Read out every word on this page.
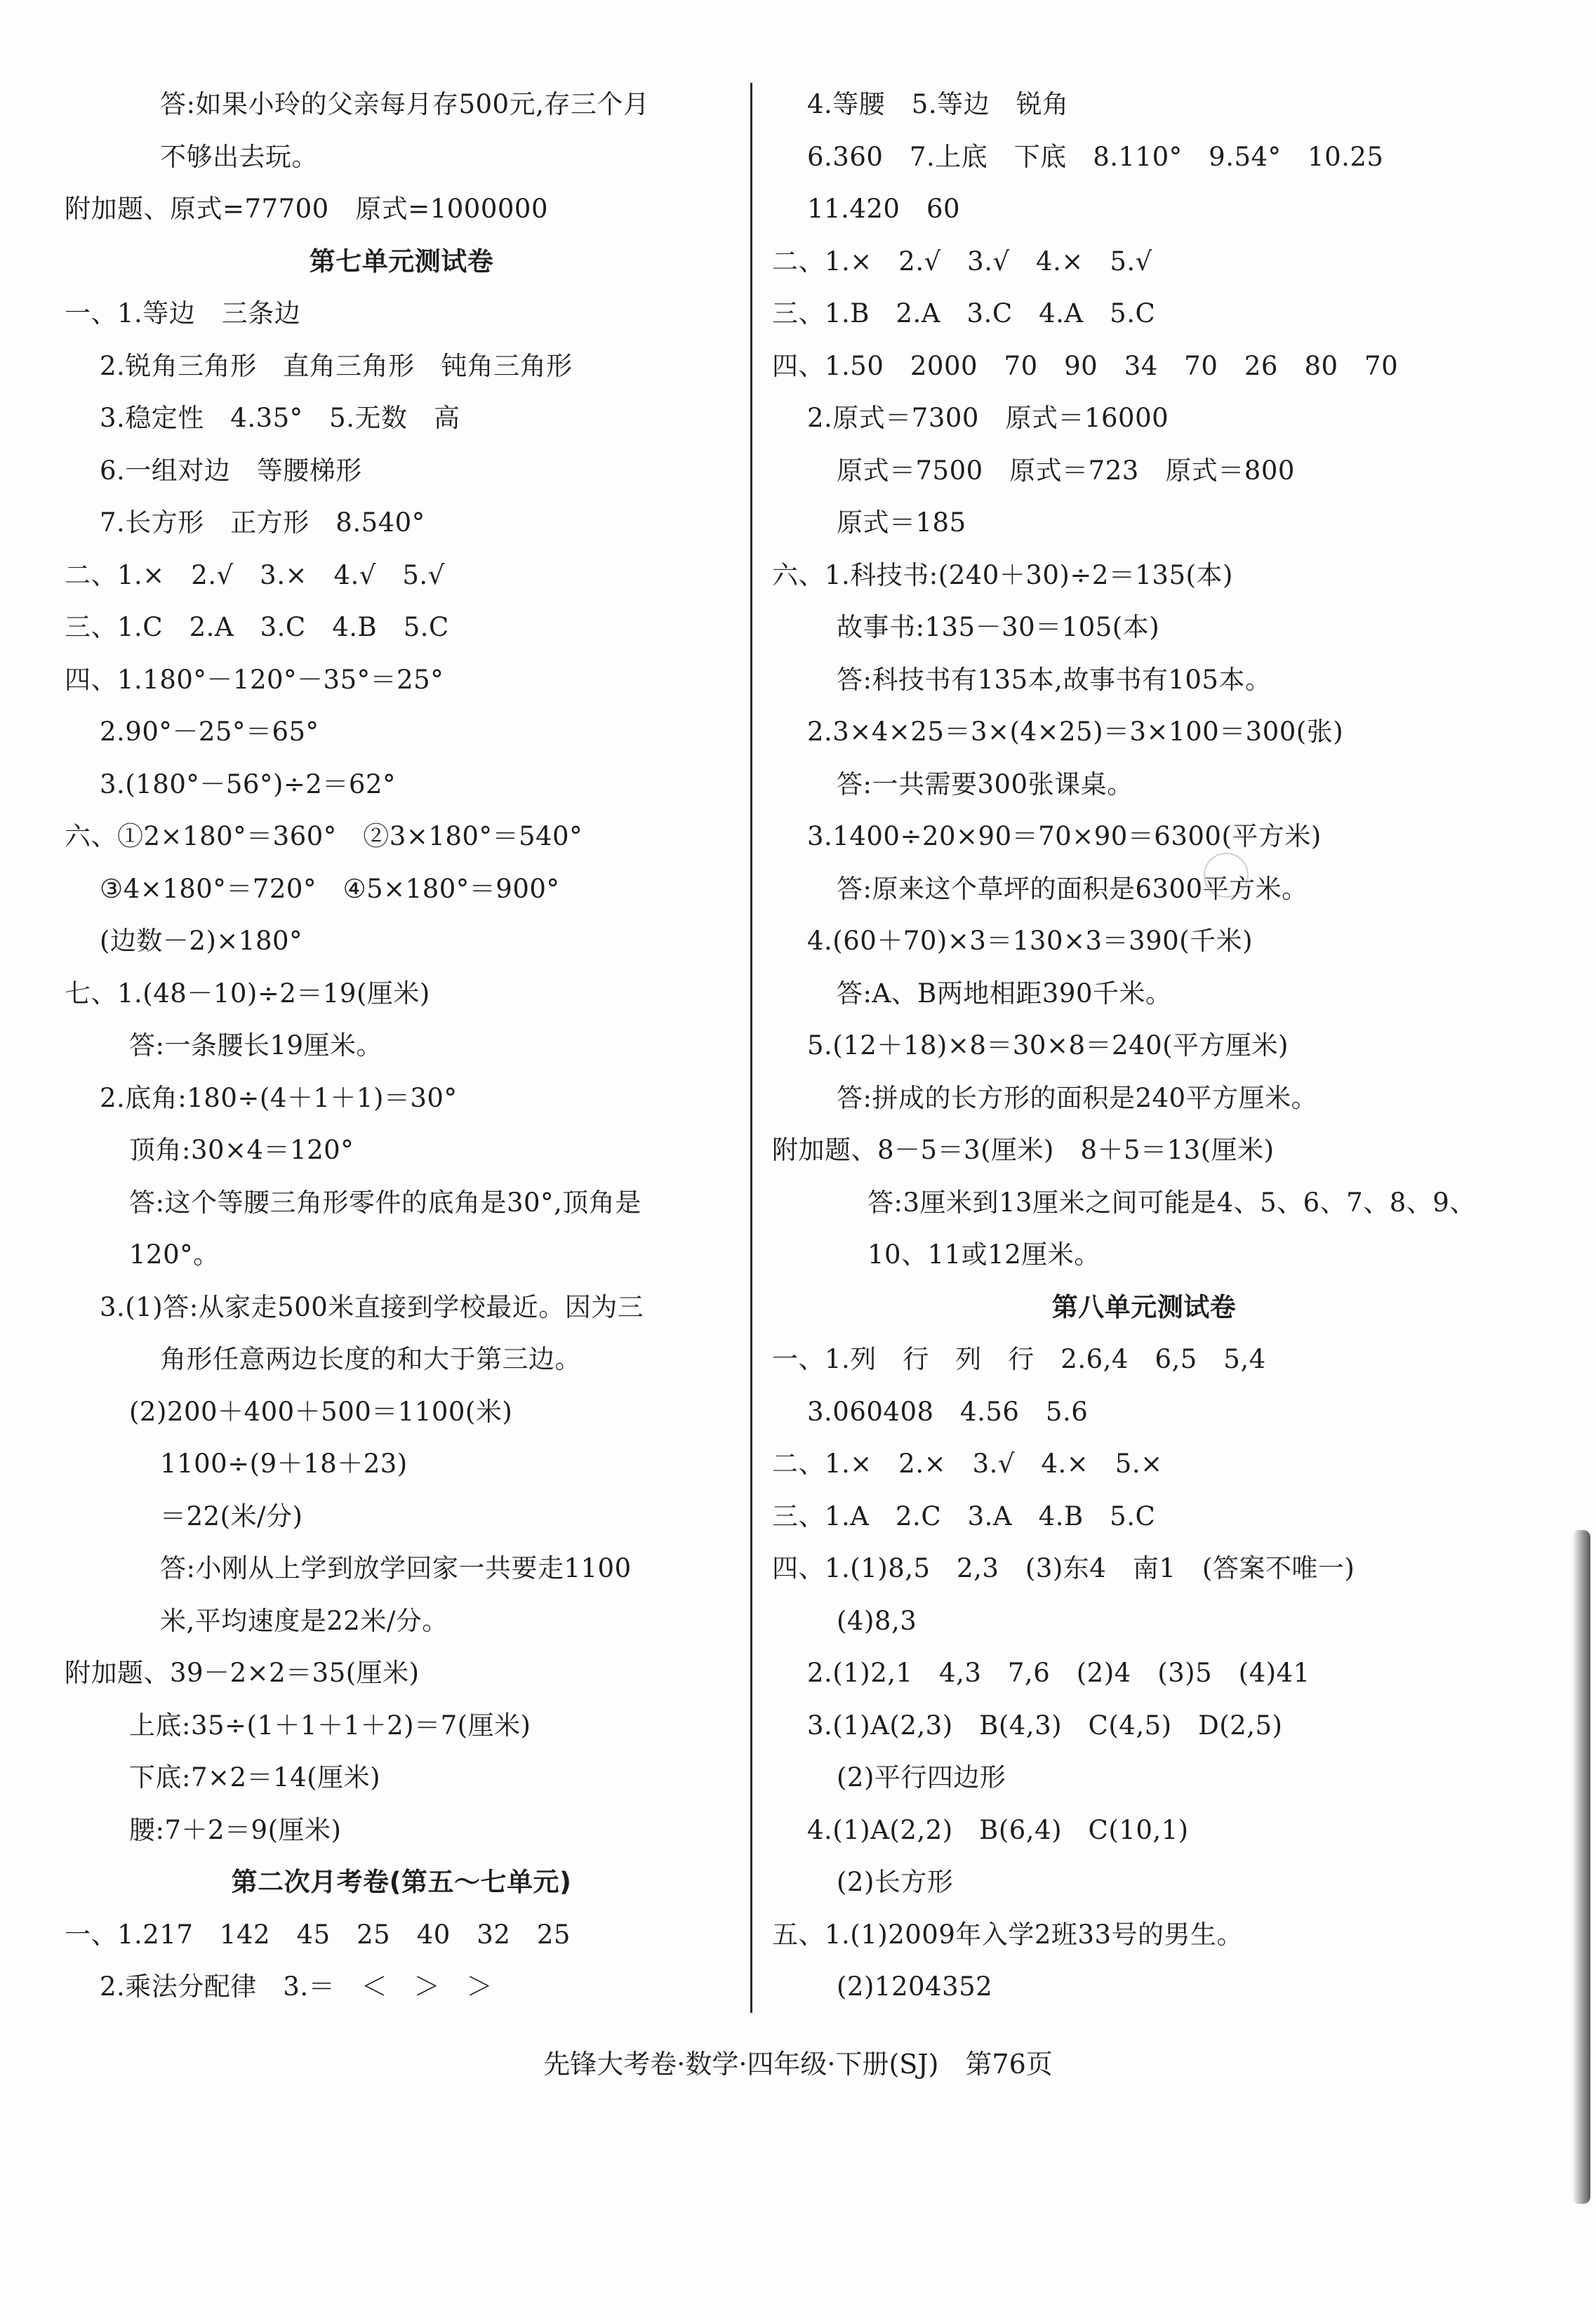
答:如果小玲的父亲每月存500元,存三个月
不够出去玩。
附加题、原式=77700　原式=1000000
第七单元测试卷
一、1.等边　三条边
2.锐角三角形　直角三角形　钝角三角形
3.稳定性　4.35°　5.无数　高
6.一组对边　等腰梯形
7.长方形　正方形　8.540°
二、1.×　2.√　3.×　4.√　5.√
三、1.C　2.A　3.C　4.B　5.C
四、1.180°－120°－35°＝25°
2.90°－25°＝65°
3.(180°－56°)÷2＝62°
六、①2×180°＝360°　②3×180°＝540°
③4×180°＝720°　④5×180°＝900°
(边数－2)×180°
七、1.(48－10)÷2＝19(厘米)
答:一条腰长19厘米。
2.底角:180÷(4＋1＋1)＝30°
顶角:30×4＝120°
答:这个等腰三角形零件的底角是30°,顶角是
120°。
3.(1)答:从家走500米直接到学校最近。因为三
角形任意两边长度的和大于第三边。
(2)200＋400＋500＝1100(米)
1100÷(9＋18＋23)
＝22(米/分)
答:小刚从上学到放学回家一共要走1100
米,平均速度是22米/分。
附加题、39－2×2＝35(厘米)
上底:35÷(1＋1＋1＋2)＝7(厘米)
下底:7×2＝14(厘米)
腰:7＋2＝9(厘米)
第二次月考卷(第五～七单元)
一、1.217　142　45　25　40　32　25
2.乘法分配律　3.＝　＜　＞　＞
4.等腰　5.等边　锐角
6.360　7.上底　下底　8.110°　9.54°　10.25
11.420　60
二、1.×　2.√　3.√　4.×　5.√
三、1.B　2.A　3.C　4.A　5.C
四、1.50　2000　70　90　34　70　26　80　70
2.原式＝7300　原式＝16000
原式＝7500　原式＝723　原式＝800
原式＝185
六、1.科技书:(240＋30)÷2＝135(本)
故事书:135－30＝105(本)
答:科技书有135本,故事书有105本。
2.3×4×25＝3×(4×25)＝3×100＝300(张)
答:一共需要300张课桌。
3.1400÷20×90＝70×90＝6300(平方米)
答:原来这个草坪的面积是6300平方米。
4.(60＋70)×3＝130×3＝390(千米)
答:A、B两地相距390千米。
5.(12＋18)×8＝30×8＝240(平方厘米)
答:拼成的长方形的面积是240平方厘米。
附加题、8－5＝3(厘米)　8＋5＝13(厘米)
答:3厘米到13厘米之间可能是4、5、6、7、8、9、
10、11或12厘米。
第八单元测试卷
一、1.列　行　列　行　2.6,4　6,5　5,4
3.060408　4.56　5.6
二、1.×　2.×　3.√　4.×　5.×
三、1.A　2.C　3.A　4.B　5.C
四、1.(1)8,5　2,3　(3)东4　南1　(答案不唯一)
(4)8,3
2.(1)2,1　4,3　7,6　(2)4　(3)5　(4)41
3.(1)A(2,3)　B(4,3)　C(4,5)　D(2,5)
(2)平行四边形
4.(1)A(2,2)　B(6,4)　C(10,1)
(2)长方形
五、1.(1)2009年入学2班33号的男生。
(2)1204352
先锋大考卷·数学·四年级·下册(SJ)　第76页
